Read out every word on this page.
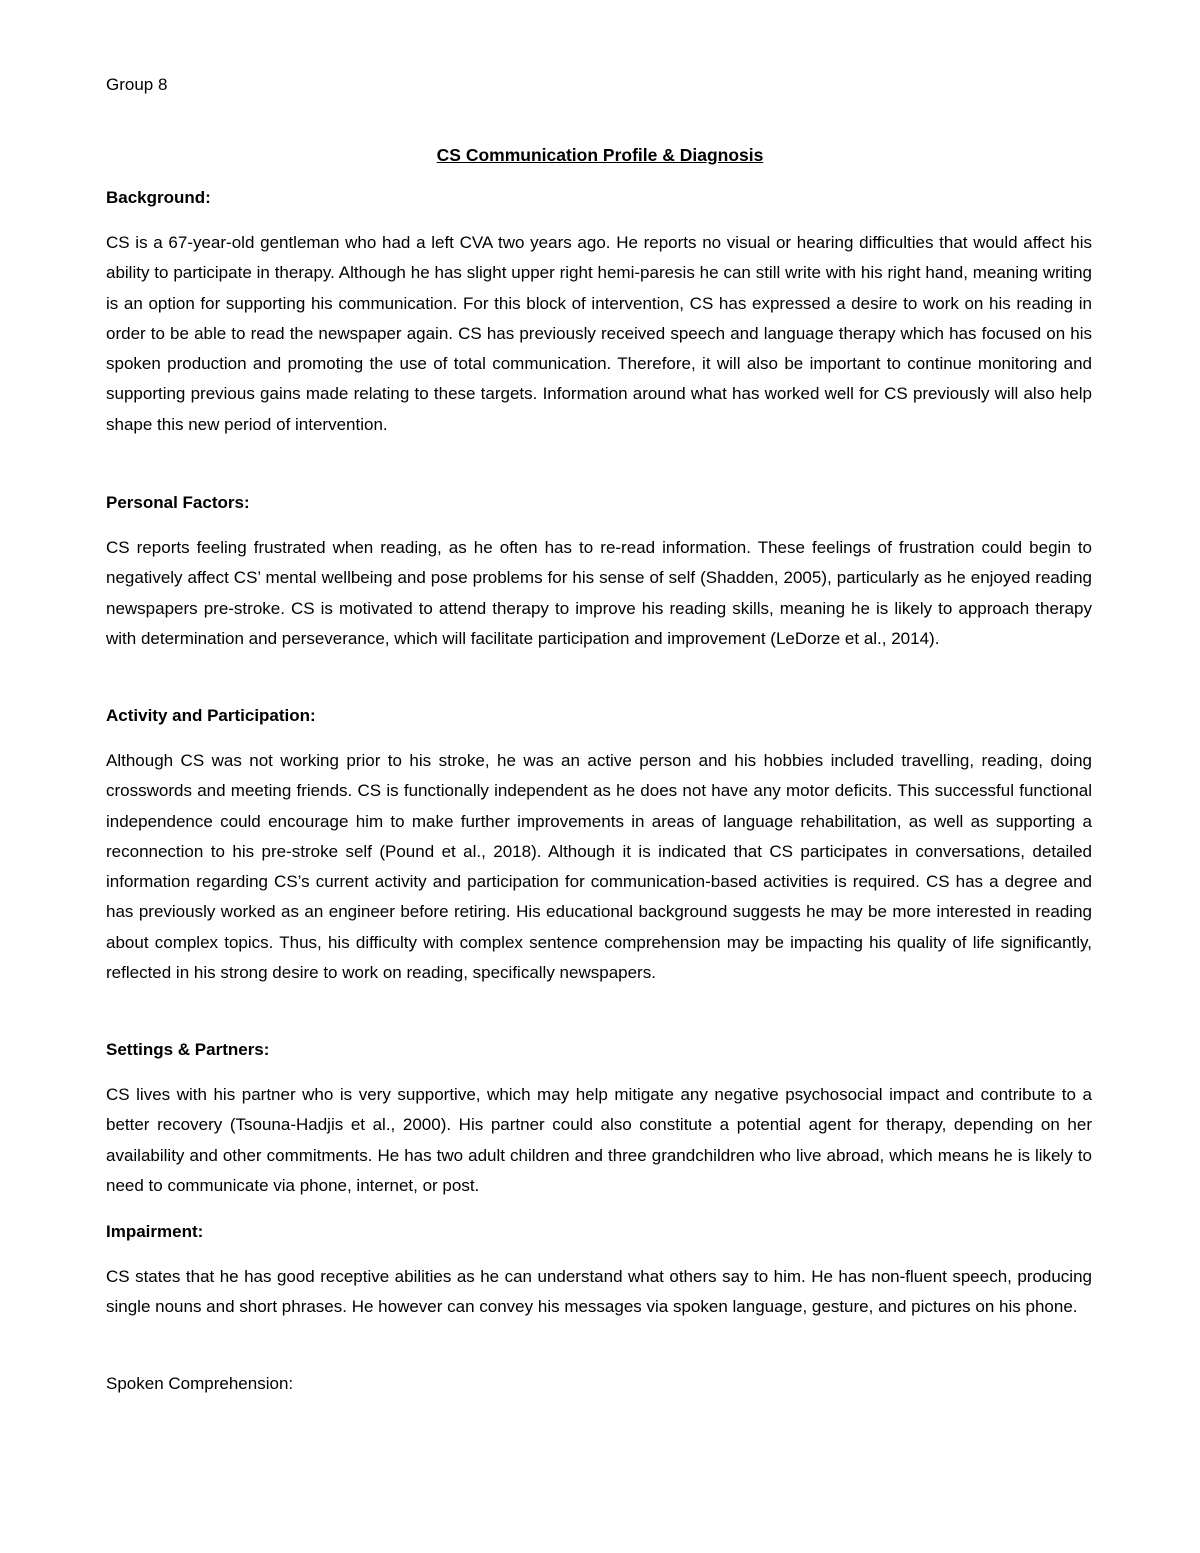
Group 8

CS Communication Profile & Diagnosis
Background:

CS is a 67-year-old gentleman who had a left CVA two years ago. He reports no visual or hearing difficulties that would affect his ability to participate in therapy. Although he has slight upper right hemi-paresis he can still write with his right hand, meaning writing is an option for supporting his communication. For this block of intervention, CS has expressed a desire to work on his reading in order to be able to read the newspaper again. CS has previously received speech and language therapy which has focused on his spoken production and promoting the use of total communication. Therefore, it will also be important to continue monitoring and supporting previous gains made relating to these targets. Information around what has worked well for CS previously will also help shape this new period of intervention.

Personal Factors:

CS reports feeling frustrated when reading, as he often has to re-read information. These feelings of frustration could begin to negatively affect CS’ mental wellbeing and pose problems for his sense of self (Shadden, 2005), particularly as he enjoyed reading newspapers pre-stroke. CS is motivated to attend therapy to improve his reading skills, meaning he is likely to approach therapy with determination and perseverance, which will facilitate participation and improvement (LeDorze et al., 2014).

Activity and Participation:

Although CS was not working prior to his stroke, he was an active person and his hobbies included travelling, reading, doing crosswords and meeting friends. CS is functionally independent as he does not have any motor deficits. This successful functional independence could encourage him to make further improvements in areas of language rehabilitation, as well as supporting a reconnection to his pre-stroke self (Pound et al., 2018). Although it is indicated that CS participates in conversations, detailed information regarding CS’s current activity and participation for communication-based activities is required. CS has a degree and has previously worked as an engineer before retiring. His educational background suggests he may be more interested in reading about complex topics. Thus, his difficulty with complex sentence comprehension may be impacting his quality of life significantly, reflected in his strong desire to work on reading, specifically newspapers.

Settings & Partners:

CS lives with his partner who is very supportive, which may help mitigate any negative psychosocial impact and contribute to a better recovery (Tsouna-Hadjis et al., 2000). His partner could also constitute a potential agent for therapy, depending on her availability and other commitments. He has two adult children and three grandchildren who live abroad, which means he is likely to need to communicate via phone, internet, or post.

Impairment:

CS states that he has good receptive abilities as he can understand what others say to him. He has non-fluent speech, producing single nouns and short phrases. He however can convey his messages via spoken language, gesture, and pictures on his phone.

Spoken Comprehension:
